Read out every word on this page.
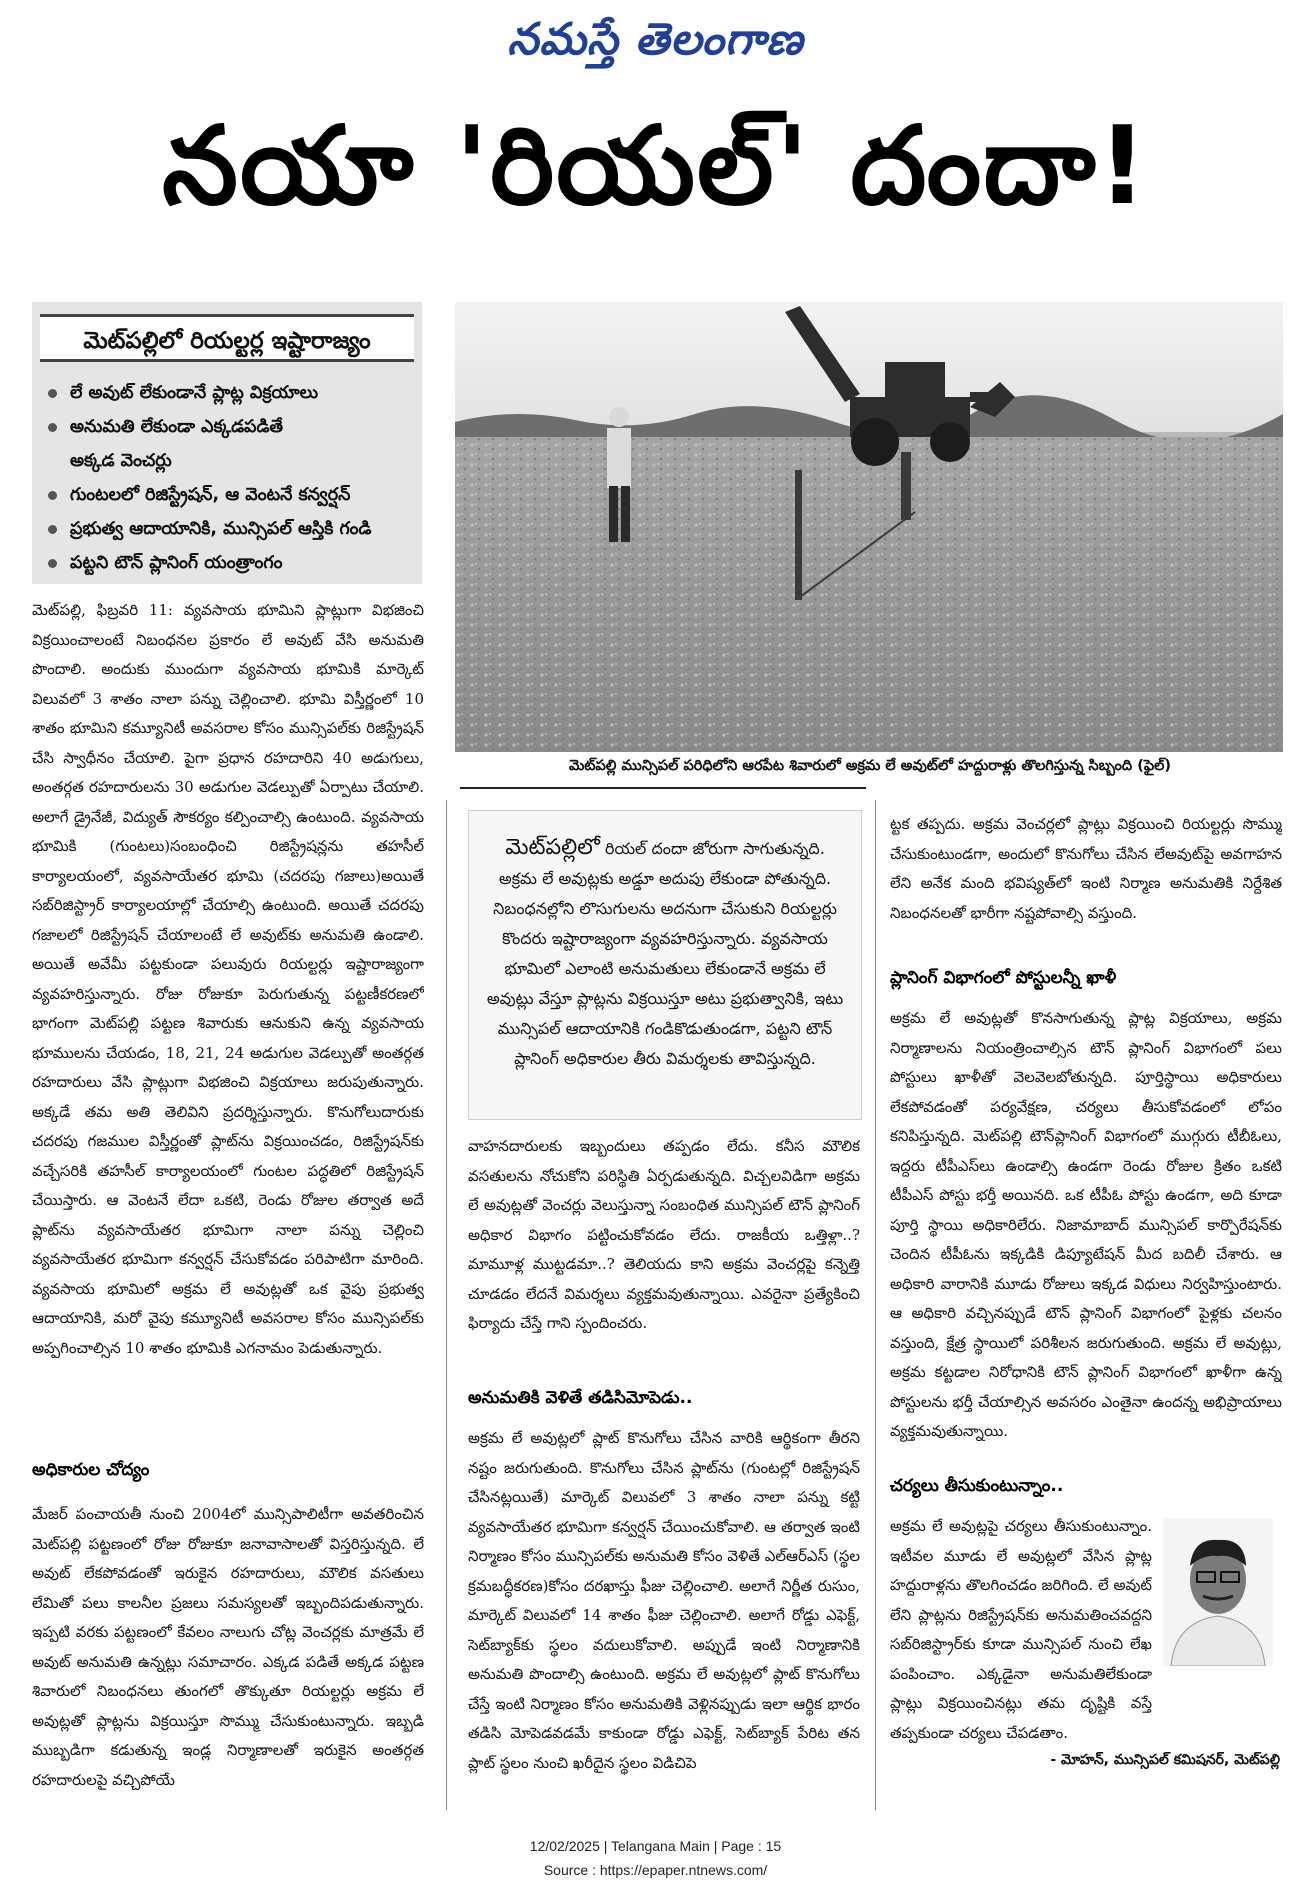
నమస్తే తెలంగాణ
నయా 'రియల్' దందా!
మెట్‌పల్లిలో రియల్టర్ల ఇష్టారాజ్యం
లే అవుట్ లేకుండానే ప్లాట్ల విక్రయాలు
అనుమతి లేకుండా ఎక్కడపడితే
అక్కడ వెంచర్లు
గుంటలలో రిజిస్ట్రేషన్, ఆ వెంటనే కన్వర్షన్
ప్రభుత్వ ఆదాయానికి, మున్సిపల్ ఆస్తికి గండి
పట్టని టౌన్ ప్లానింగ్ యంత్రాంగం
మెట్‌పల్లి, ఫిబ్రవరి 11: వ్యవసాయ భూమిని ప్లాట్లుగా విభజించి విక్రయించాలంటే నిబంధనల ప్రకారం లే అవుట్ వేసి అనుమతి పొందాలి. అందుకు ముందుగా వ్యవసాయ భూమికి మార్కెట్ విలువలో 3 శాతం నాలా పన్ను చెల్లించాలి. భూమి విస్తీర్ణంలో 10 శాతం భూమిని కమ్యూనిటీ అవసరాల కోసం మున్సిపల్‌కు రిజిస్ట్రేషన్ చేసి స్వాధీనం చేయాలి. పైగా ప్రధాన రహదారిని 40 అడుగులు, అంతర్గత రహదారులను 30 అడుగుల వెడల్పుతో ఏర్పాటు చేయాలి. అలాగే డ్రైనేజీ, విద్యుత్ సౌకర్యం కల్పించాల్సి ఉంటుంది. వ్యవసాయ భూమికి (గుంటలు)సంబంధించి రిజిస్ట్రేషన్లను తహసీల్ కార్యాలయంలో, వ్యవసాయేతర భూమి (చదరపు గజాలు)అయితే సబ్‌రిజిస్ట్రార్ కార్యాలయాల్లో చేయాల్సి ఉంటుంది. అయితే చదరపు గజాలలో రిజిస్ట్రేషన్ చేయాలంటే లే అవుట్‌కు అనుమతి ఉండాలి. అయితే అవేమీ పట్టకుండా పలువురు రియల్టర్లు ఇష్టారాజ్యంగా వ్యవహరిస్తున్నారు. రోజు రోజుకూ పెరుగుతున్న పట్టణీకరణలో భాగంగా మెట్‌పల్లి పట్టణ శివారుకు ఆనుకుని ఉన్న వ్యవసాయ భూములను చేయడం, 18, 21, 24 అడుగుల వెడల్పుతో అంతర్గత రహదారులు వేసి ప్లాట్లుగా విభజించి విక్రయాలు జరుపుతున్నారు. అక్కడే తమ అతి తెలివిని ప్రదర్శిస్తున్నారు. కొనుగోలుదారుకు చదరపు గజముల విస్తీర్ణంతో ప్లాట్‌ను విక్రయించడం, రిజిస్ట్రేషన్‌కు వచ్చేసరికి తహసీల్ కార్యాలయంలో గుంటల పద్ధతిలో రిజిస్ట్రేషన్ చేయిస్తారు. ఆ వెంటనే లేదా ఒకటి, రెండు రోజుల తర్వాత అదే ప్లాట్‌ను వ్యవసాయేతర భూమిగా నాలా పన్ను చెల్లించి వ్యవసాయేతర భూమిగా కన్వర్షన్ చేసుకోవడం పరిపాటిగా మారింది. వ్యవసాయ భూమిలో అక్రమ లే అవుట్లతో ఒక వైపు ప్రభుత్వ ఆదాయానికి, మరో వైపు కమ్యూనిటీ అవసరాల కోసం మున్సిపల్‌కు అప్పగించాల్సిన 10 శాతం భూమికి ఎగనామం పెడుతున్నారు.
అధికారుల చోద్యం
మేజర్ పంచాయతీ నుంచి 2004లో మున్సిపాలిటీగా అవతరించిన మెట్‌పల్లి పట్టణంలో రోజు రోజుకూ జనావాసాలతో విస్తరిస్తున్నది. లే అవుట్ లేకపోవడంతో ఇరుకైన రహదారులు, మౌలిక వసతులు లేమితో పలు కాలనీల ప్రజలు సమస్యలతో ఇబ్బందిపడుతున్నారు. ఇప్పటి వరకు పట్టణంలో కేవలం నాలుగు చోట్ల వెంచర్లకు మాత్రమే లే అవుట్ అనుమతి ఉన్నట్లు సమాచారం. ఎక్కడ పడితే అక్కడ పట్టణ శివారులో నిబంధనలు తుంగలో తొక్కుతూ రియల్టర్లు అక్రమ లే అవుట్లతో ప్లాట్లను విక్రయిస్తూ సొమ్ము చేసుకుంటున్నారు. ఇబ్బడి ముబ్బడిగా కడుతున్న ఇండ్ల నిర్మాణాలతో ఇరుకైన అంతర్గత రహదారులపై వచ్చిపోయే
మెట్‌పల్లి మున్సిపల్ పరిధిలోని ఆరపేట శివారులో అక్రమ లే అవుట్‌లో హద్దురాళ్లు తొలగిస్తున్న సిబ్బంది (ఫైల్)
మెట్‌పల్లిలో రియల్ దందా జోరుగా సాగుతున్నది. అక్రమ లే అవుట్లకు అడ్డూ అదుపు లేకుండా పోతున్నది. నిబంధనల్లోని లొసుగులను అదనుగా చేసుకుని రియల్టర్లు కొందరు ఇష్టారాజ్యంగా వ్యవహరిస్తున్నారు. వ్యవసాయ భూమిలో ఎలాంటి అనుమతులు లేకుండానే అక్రమ లే అవుట్లు వేస్తూ ప్లాట్లను విక్రయిస్తూ అటు ప్రభుత్వానికి, ఇటు మున్సిపల్ ఆదాయానికి గండికొడుతుండగా, పట్టని టౌన్ ప్లానింగ్ అధికారుల తీరు విమర్శలకు తావిస్తున్నది.
వాహనదారులకు ఇబ్బందులు తప్పడం లేదు. కనీస మౌలిక వసతులను నోచుకోని పరిస్థితి ఏర్పడుతున్నది. విచ్చలవిడిగా అక్రమ లే అవుట్లతో వెంచర్లు వెలుస్తున్నా సంబంధిత మున్సిపల్ టౌన్ ప్లానింగ్ అధికార విభాగం పట్టించుకోవడం లేదు. రాజకీయ ఒత్తిళ్లా..? మామూళ్ల ముట్టడమా..? తెలియదు కాని అక్రమ వెంచర్లపై కన్నెత్తి చూడడం లేదనే విమర్శలు వ్యక్తమవుతున్నాయి. ఎవరైనా ప్రత్యేకించి ఫిర్యాదు చేస్తే గాని స్పందించరు.
అనుమతికి వెళితే తడిసిమోపెడు..
అక్రమ లే అవుట్లలో ప్లాట్ కొనుగోలు చేసిన వారికి ఆర్థికంగా తీరని నష్టం జరుగుతుంది. కొనుగోలు చేసిన ప్లాట్‌ను (గుంటల్లో రిజిస్ట్రేషన్ చేసినట్లయితే) మార్కెట్ విలువలో 3 శాతం నాలా పన్ను కట్టి వ్యవసాయేతర భూమిగా కన్వర్షన్ చేయించుకోవాలి. ఆ తర్వాత ఇంటి నిర్మాణం కోసం మున్సిపల్‌కు అనుమతి కోసం వెళితే ఎల్ఆర్ఎస్ (స్థల క్రమబద్ధీకరణ)కోసం దరఖాస్తు ఫీజు చెల్లించాలి. అలాగే నిర్ణీత రుసుం, మార్కెట్ విలువలో 14 శాతం ఫీజు చెల్లించాలి. అలాగే రోడ్డు ఎఫెక్ట్, సెట్‌బ్యాక్‌కు స్థలం వదులుకోవాలి. అప్పుడే ఇంటి నిర్మాణానికి అనుమతి పొందాల్సి ఉంటుంది. అక్రమ లే అవుట్లలో ప్లాట్ కొనుగోలు చేస్తే ఇంటి నిర్మాణం కోసం అనుమతికి వెళ్లినప్పుడు ఇలా ఆర్థిక భారం తడిసి మోపెడవడమే కాకుండా రోడ్డు ఎఫెక్ట్, సెట్‌బ్యాక్ పేరిట తన ప్లాట్ స్థలం నుంచి ఖరీదైన స్థలం విడిచిపె
ట్టక తప్పదు. అక్రమ వెంచర్లలో ప్లాట్లు విక్రయించి రియల్టర్లు సొమ్ము చేసుకుంటుండగా, అందులో కొనుగోలు చేసిన లేఅవుట్‌పై అవగాహన లేని అనేక మంది భవిష్యత్‌లో ఇంటి నిర్మాణ అనుమతికి నిర్దేశిత నిబంధనలతో భారీగా నష్టపోవాల్సి వస్తుంది.
ప్లానింగ్ విభాగంలో పోస్టులన్నీ ఖాళీ
అక్రమ లే అవుట్లతో కొనసాగుతున్న ప్లాట్ల విక్రయాలు, అక్రమ నిర్మాణాలను నియంత్రించాల్సిన టౌన్ ప్లానింగ్ విభాగంలో పలు పోస్టులు ఖాళీతో వెలవెలబోతున్నది. పూర్తిస్థాయి అధికారులు లేకపోవడంతో పర్యవేక్షణ, చర్యలు తీసుకోవడంలో లోపం కనిపిస్తున్నది. మెట్‌పల్లి టౌన్‌ప్లానింగ్ విభాగంలో ముగ్గురు టీబీఓలు, ఇద్దరు టీపీఎస్‌లు ఉండాల్సి ఉండగా రెండు రోజుల క్రితం ఒకటి టీపీఎస్ పోస్టు భర్తీ అయినది. ఒక టీపీఓ పోస్టు ఉండగా, అది కూడా పూర్తి స్థాయి అధికారిలేరు. నిజామాబాద్ మున్సిపల్ కార్పొరేషన్‌కు చెందిన టీపీఓను ఇక్కడికి డిప్యూటేషన్ మీద బదిలీ చేశారు. ఆ అధికారి వారానికి మూడు రోజులు ఇక్కడ విధులు నిర్వహిస్తుంటారు. ఆ అధికారి వచ్చినప్పుడే టౌన్ ప్లానింగ్ విభాగంలో పైళ్లకు చలనం వస్తుంది, క్షేత్ర స్థాయిలో పరిశీలన జరుగుతుంది. అక్రమ లే అవుట్లు, అక్రమ కట్టడాల నిరోధానికి టౌన్ ప్లానింగ్ విభాగంలో ఖాళీగా ఉన్న పోస్టులను భర్తీ చేయాల్సిన అవసరం ఎంతైనా ఉందన్న అభిప్రాయాలు వ్యక్తమవుతున్నాయి.
చర్యలు తీసుకుంటున్నాం..
అక్రమ లే అవుట్లపై చర్యలు తీసుకుంటున్నాం. ఇటీవల మూడు లే అవుట్లలో వేసిన ప్లాట్ల హద్దురాళ్లను తొలగించడం జరిగింది. లే అవుట్ లేని ప్లాట్లను రిజిస్ట్రేషన్‌కు అనుమతించవద్దని సబ్‌రిజిస్ట్రార్‌కు కూడా మున్సిపల్ నుంచి లేఖ పంపించాం. ఎక్కడైనా అనుమతిలేకుండా ప్లాట్లు విక్రయించినట్లు తమ దృష్టికి వస్తే తప్పకుండా చర్యలు చేపడతాం.
- మోహన్, మున్సిపల్ కమిషనర్, మెట్‌పల్లి
12/02/2025 | Telangana Main | Page : 15
Source : https://epaper.ntnews.com/
